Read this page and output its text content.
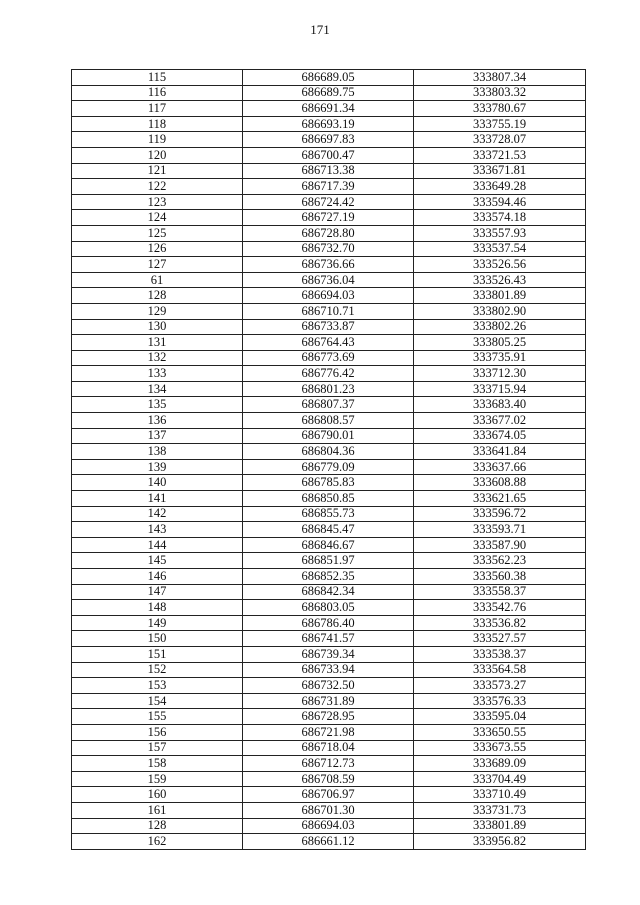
171
115	686689.05	333807.34
116	686689.75	333803.32
117	686691.34	333780.67
118	686693.19	333755.19
119	686697.83	333728.07
120	686700.47	333721.53
121	686713.38	333671.81
122	686717.39	333649.28
123	686724.42	333594.46
124	686727.19	333574.18
125	686728.80	333557.93
126	686732.70	333537.54
127	686736.66	333526.56
61	686736.04	333526.43
128	686694.03	333801.89
129	686710.71	333802.90
130	686733.87	333802.26
131	686764.43	333805.25
132	686773.69	333735.91
133	686776.42	333712.30
134	686801.23	333715.94
135	686807.37	333683.40
136	686808.57	333677.02
137	686790.01	333674.05
138	686804.36	333641.84
139	686779.09	333637.66
140	686785.83	333608.88
141	686850.85	333621.65
142	686855.73	333596.72
143	686845.47	333593.71
144	686846.67	333587.90
145	686851.97	333562.23
146	686852.35	333560.38
147	686842.34	333558.37
148	686803.05	333542.76
149	686786.40	333536.82
150	686741.57	333527.57
151	686739.34	333538.37
152	686733.94	333564.58
153	686732.50	333573.27
154	686731.89	333576.33
155	686728.95	333595.04
156	686721.98	333650.55
157	686718.04	333673.55
158	686712.73	333689.09
159	686708.59	333704.49
160	686706.97	333710.49
161	686701.30	333731.73
128	686694.03	333801.89
162	686661.12	333956.82
